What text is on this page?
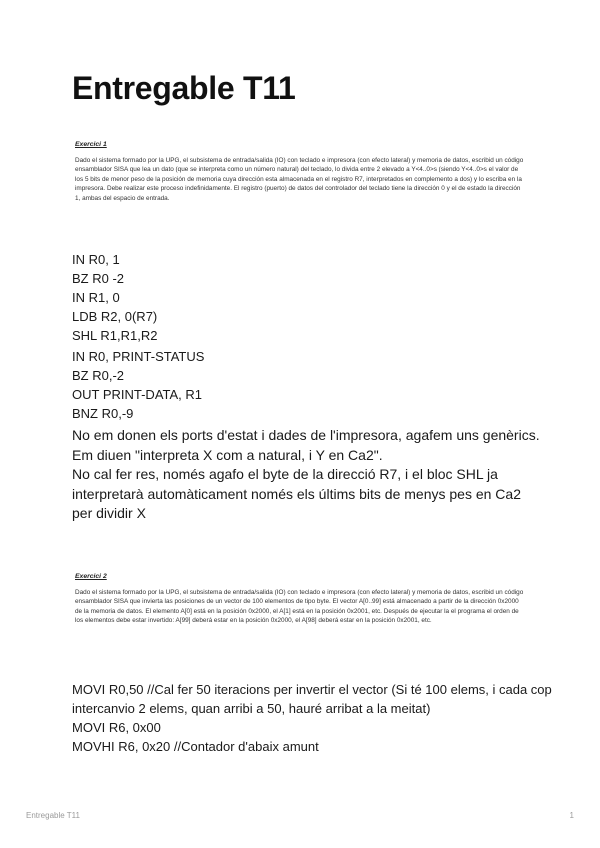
Entregable T11
Exercici 1

Dado el sistema formado por la UPG, el subsistema de entrada/salida (IO) con teclado e impresora (con efecto lateral) y memoria de datos, escribid un código ensamblador SISA que lea un dato (que se interpreta como un número natural) del teclado, lo divida entre 2 elevado a Y<4..0>s (siendo Y<4..0>s el valor de los 5 bits de menor peso de la posición de memoria cuya dirección esta almacenada en el registro R7, interpretados en complemento a dos) y lo escriba en la impresora. Debe realizar este proceso indefinidamente. El registro (puerto) de datos del controlador del teclado tiene la dirección 0 y el de estado la dirección 1, ambas del espacio de entrada.

IN R0, 1
BZ R0 -2
IN R1, 0
LDB R2, 0(R7)
SHL R1,R1,R2
IN R0, PRINT-STATUS
BZ R0,-2
OUT PRINT-DATA, R1
BNZ R0,-9

No em donen els ports d'estat i dades de l'impresora, agafem uns genèrics.

Em diuen "interpreta X com a natural, i Y en Ca2".

No cal fer res, només agafo el byte de la direcció R7, i el bloc SHL ja interpretarà automàticament només els últims bits de menys pes en Ca2 per dividir X

Exercici 2

Dado el sistema formado por la UPG, el subsistema de entrada/salida (IO) con teclado e impresora (con efecto lateral) y memoria de datos, escribid un código ensamblador SISA que invierta las posiciones de un vector de 100 elementos de tipo byte. El vector A[0..99] está almacenado a partir de la dirección 0x2000 de la memoria de datos. El elemento A[0] está en la posición 0x2000, el A[1] está en la posición 0x2001, etc. Después de ejecutar la el programa el orden de los elementos debe estar invertido: A[99] deberá estar en la posición 0x2000, el A[98] deberá estar en la posición 0x2001, etc.

MOVI R0,50 //Cal fer 50 iteracions per invertir el vector (Si té 100 elems, i cada cop intercanvio 2 elems, quan arribi a 50, hauré arribat a la meitat)
MOVI R6, 0x00
MOVHI R6, 0x20 //Contador d'abaix amunt
Entregable T11	1
